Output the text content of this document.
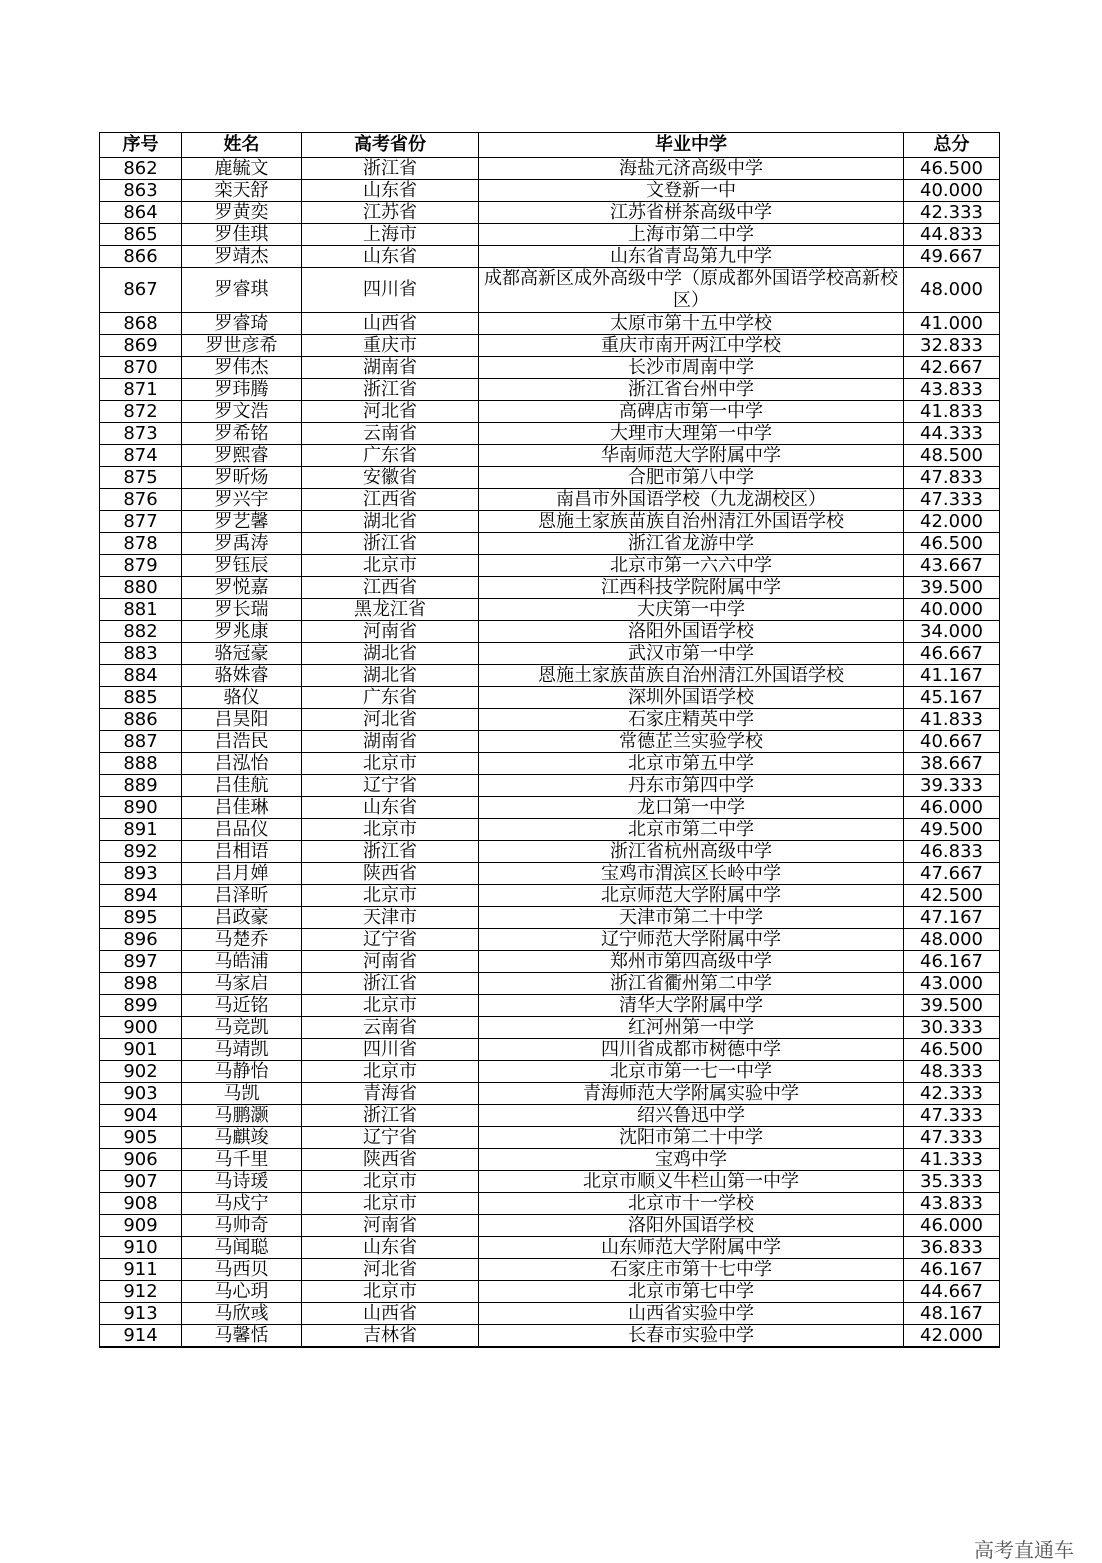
序号	姓名	高考省份	毕业中学	总分
862	鹿毓文	浙江省	海盐元济高级中学	46.500
863	栾天舒	山东省	文登新一中	40.000
864	罗黄奕	江苏省	江苏省栟茶高级中学	42.333
865	罗佳琪	上海市	上海市第二中学	44.833
866	罗靖杰	山东省	山东省青岛第九中学	49.667
867	罗睿琪	四川省	成都高新区成外高级中学（原成都外国语学校高新校区）	48.000
868	罗睿琦	山西省	太原市第十五中学校	41.000
869	罗世彦希	重庆市	重庆市南开两江中学校	32.833
870	罗伟杰	湖南省	长沙市周南中学	42.667
871	罗玮腾	浙江省	浙江省台州中学	43.833
872	罗文浩	河北省	高碑店市第一中学	41.833
873	罗希铭	云南省	大理市大理第一中学	44.333
874	罗熙睿	广东省	华南师范大学附属中学	48.500
875	罗昕炀	安徽省	合肥市第八中学	47.833
876	罗兴宇	江西省	南昌市外国语学校（九龙湖校区）	47.333
877	罗艺馨	湖北省	恩施土家族苗族自治州清江外国语学校	42.000
878	罗禹涛	浙江省	浙江省龙游中学	46.500
879	罗钰辰	北京市	北京市第一六六中学	43.667
880	罗悦嘉	江西省	江西科技学院附属中学	39.500
881	罗长瑞	黑龙江省	大庆第一中学	40.000
882	罗兆康	河南省	洛阳外国语学校	34.000
883	骆冠豪	湖北省	武汉市第一中学	46.667
884	骆姝睿	湖北省	恩施土家族苗族自治州清江外国语学校	41.167
885	骆仪	广东省	深圳外国语学校	45.167
886	吕昊阳	河北省	石家庄精英中学	41.833
887	吕浩民	湖南省	常德芷兰实验学校	40.667
888	吕泓怡	北京市	北京市第五中学	38.667
889	吕佳航	辽宁省	丹东市第四中学	39.333
890	吕佳琳	山东省	龙口第一中学	46.000
891	吕品仪	北京市	北京市第二中学	49.500
892	吕相语	浙江省	浙江省杭州高级中学	46.833
893	吕月婵	陕西省	宝鸡市渭滨区长岭中学	47.667
894	吕泽昕	北京市	北京师范大学附属中学	42.500
895	吕政豪	天津市	天津市第二十中学	47.167
896	马楚乔	辽宁省	辽宁师范大学附属中学	48.000
897	马皓浦	河南省	郑州市第四高级中学	46.167
898	马家启	浙江省	浙江省衢州第二中学	43.000
899	马近铭	北京市	清华大学附属中学	39.500
900	马竞凯	云南省	红河州第一中学	30.333
901	马靖凯	四川省	四川省成都市树德中学	46.500
902	马静怡	北京市	北京市第一七一中学	48.333
903	马凯	青海省	青海师范大学附属实验中学	42.333
904	马鹏灏	浙江省	绍兴鲁迅中学	47.333
905	马麒竣	辽宁省	沈阳市第二十中学	47.333
906	马千里	陕西省	宝鸡中学	41.333
907	马诗瑗	北京市	北京市顺义牛栏山第一中学	35.333
908	马戍宁	北京市	北京市十一学校	43.833
909	马帅奇	河南省	洛阳外国语学校	46.000
910	马闻聪	山东省	山东师范大学附属中学	36.833
911	马西贝	河北省	石家庄市第十七中学	46.167
912	马心玥	北京市	北京市第七中学	44.667
913	马欣彧	山西省	山西省实验中学	48.167
914	马馨恬	吉林省	长春市实验中学	42.000
高考直通车
